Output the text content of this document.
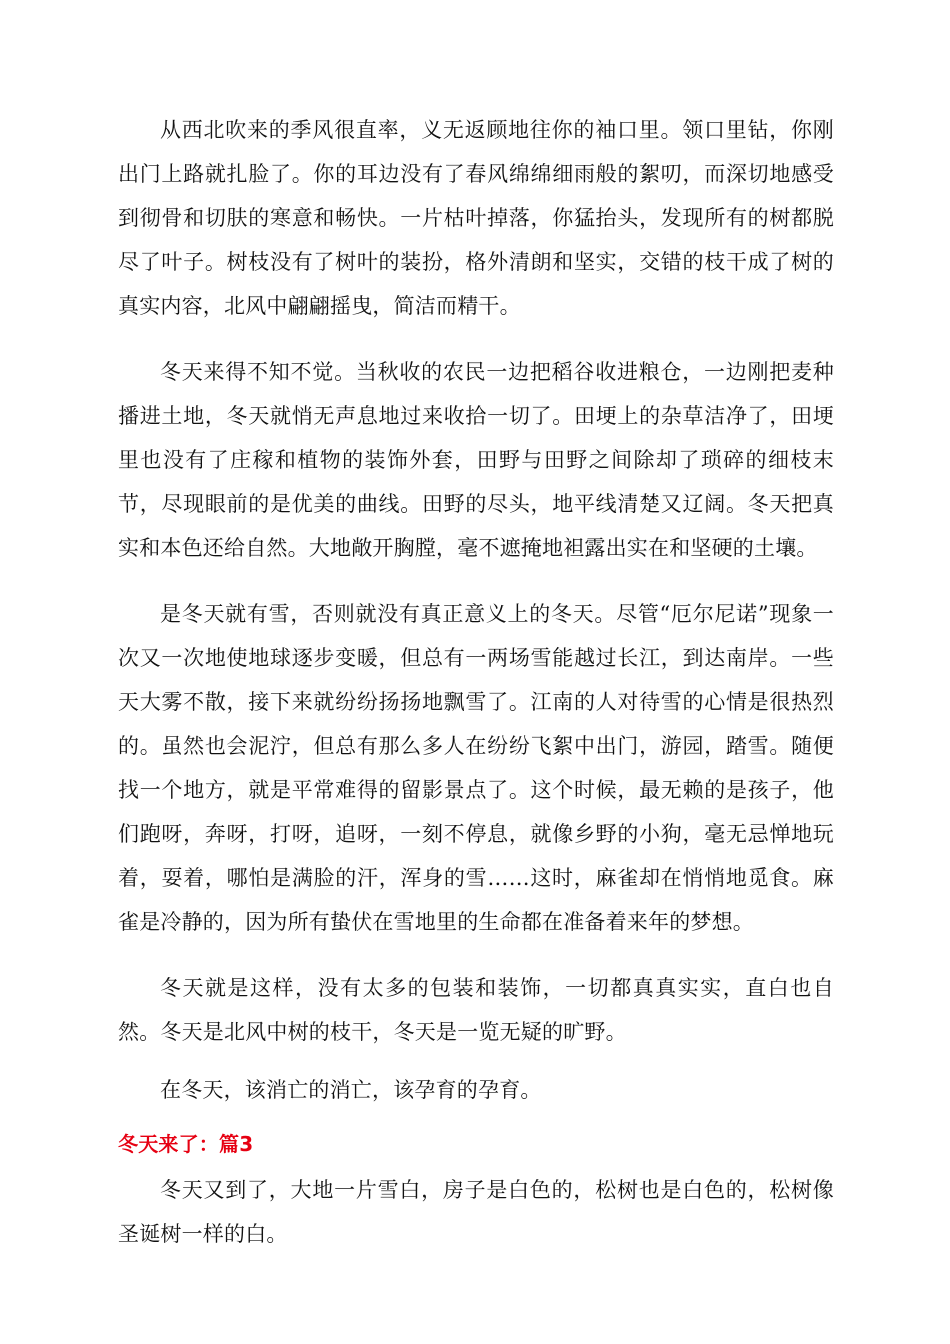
从西北吹来的季风很直率，义无返顾地往你的袖口里。领口里钻，你刚出门上路就扎脸了。你的耳边没有了春风绵绵细雨般的絮叨，而深切地感受到彻骨和切肤的寒意和畅快。一片枯叶掉落，你猛抬头，发现所有的树都脱尽了叶子。树枝没有了树叶的装扮，格外清朗和坚实，交错的枝干成了树的真实内容，北风中翩翩摇曳，简洁而精干。

冬天来得不知不觉。当秋收的农民一边把稻谷收进粮仓，一边刚把麦种播进土地，冬天就悄无声息地过来收拾一切了。田埂上的杂草洁净了，田埂里也没有了庄稼和植物的装饰外套，田野与田野之间除却了琐碎的细枝末节，尽现眼前的是优美的曲线。田野的尽头，地平线清楚又辽阔。冬天把真实和本色还给自然。大地敞开胸膛，毫不遮掩地袒露出实在和坚硬的土壤。

是冬天就有雪，否则就没有真正意义上的冬天。尽管“厄尔尼诺”现象一次又一次地使地球逐步变暖，但总有一两场雪能越过长江，到达南岸。一些天大雾不散，接下来就纷纷扬扬地飘雪了。江南的人对待雪的心情是很热烈的。虽然也会泥泞，但总有那么多人在纷纷飞絮中出门，游园，踏雪。随便找一个地方，就是平常难得的留影景点了。这个时候，最无赖的是孩子，他们跑呀，奔呀，打呀，追呀，一刻不停息，就像乡野的小狗，毫无忌惮地玩着，耍着，哪怕是满脸的汗，浑身的雪……这时，麻雀却在悄悄地觅食。麻雀是冷静的，因为所有蛰伏在雪地里的生命都在准备着来年的梦想。

冬天就是这样，没有太多的包装和装饰，一切都真真实实，直白也自然。冬天是北风中树的枝干，冬天是一览无疑的旷野。

在冬天，该消亡的消亡，该孕育的孕育。

冬天来了：篇3

冬天又到了，大地一片雪白，房子是白色的，松树也是白色的，松树像圣诞树一样的白。
